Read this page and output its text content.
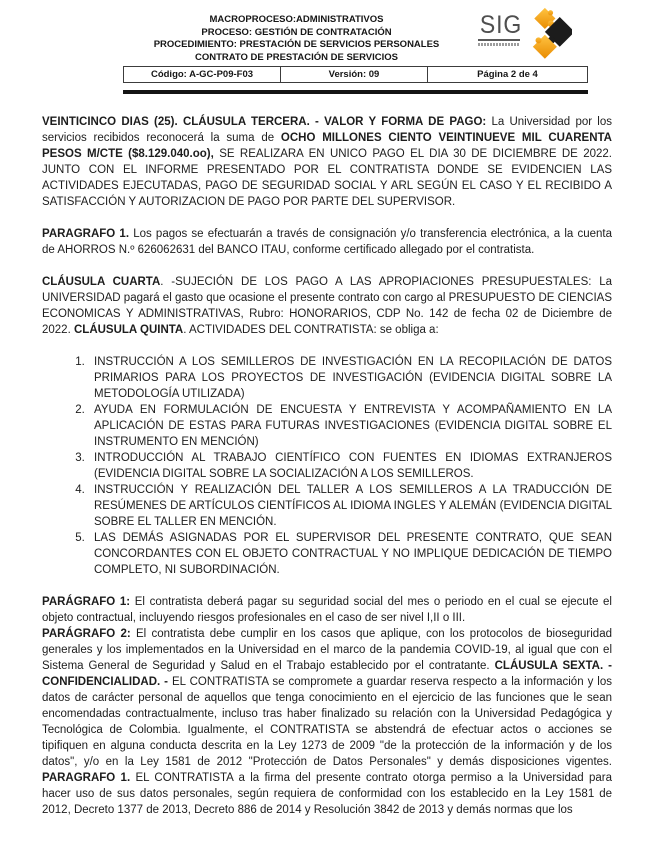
MACROPROCESO:ADMINISTRATIVOS
PROCESO: GESTIÓN DE CONTRATACIÓN
PROCEDIMIENTO: PRESTACIÓN DE SERVICIOS PERSONALES
CONTRATO DE PRESTACIÓN DE SERVICIOS
SIG
Código: A-GC-P09-F03	Versión: 09	Página 2 de 4

VEINTICINCO DIAS (25). CLÁUSULA TERCERA. - VALOR Y FORMA DE PAGO: La Universidad por los servicios recibidos reconocerá la suma de OCHO MILLONES CIENTO VEINTINUEVE MIL CUARENTA PESOS M/CTE ($8.129.040.oo), SE REALIZARA EN UNICO PAGO EL DIA 30 DE DICIEMBRE DE 2022. JUNTO CON EL INFORME PRESENTADO POR EL CONTRATISTA DONDE SE EVIDENCIEN LAS ACTIVIDADES EJECUTADAS, PAGO DE SEGURIDAD SOCIAL Y ARL SEGÚN EL CASO Y EL RECIBIDO A SATISFACCIÓN Y AUTORIZACION DE PAGO POR PARTE DEL SUPERVISOR.

PARAGRAFO 1. Los pagos se efectuarán a través de consignación y/o transferencia electrónica, a la cuenta de AHORROS N.º 626062631 del BANCO ITAU, conforme certificado allegado por el contratista.

CLÁUSULA CUARTA. -SUJECIÓN DE LOS PAGO A LAS APROPIACIONES PRESUPUESTALES: La UNIVERSIDAD pagará el gasto que ocasione el presente contrato con cargo al PRESUPUESTO DE CIENCIAS ECONOMICAS Y ADMINISTRATIVAS, Rubro: HONORARIOS, CDP No. 142 de fecha 02 de Diciembre de 2022. CLÁUSULA QUINTA. ACTIVIDADES DEL CONTRATISTA: se obliga a:

1. INSTRUCCIÓN A LOS SEMILLEROS DE INVESTIGACIÓN EN LA RECOPILACIÓN DE DATOS PRIMARIOS PARA LOS PROYECTOS DE INVESTIGACIÓN (EVIDENCIA DIGITAL SOBRE LA METODOLOGÍA UTILIZADA)
2. AYUDA EN FORMULACIÓN DE ENCUESTA Y ENTREVISTA Y ACOMPAÑAMIENTO EN LA APLICACIÓN DE ESTAS PARA FUTURAS INVESTIGACIONES (EVIDENCIA DIGITAL SOBRE EL INSTRUMENTO EN MENCIÓN)
3. INTRODUCCIÓN AL TRABAJO CIENTÍFICO CON FUENTES EN IDIOMAS EXTRANJEROS (EVIDENCIA DIGITAL SOBRE LA SOCIALIZACIÓN A LOS SEMILLEROS.
4. INSTRUCCIÓN Y REALIZACIÓN DEL TALLER A LOS SEMILLEROS A LA TRADUCCIÓN DE RESÚMENES DE ARTÍCULOS CIENTÍFICOS AL IDIOMA INGLES Y ALEMÁN (EVIDENCIA DIGITAL SOBRE EL TALLER EN MENCIÓN.
5. LAS DEMÁS ASIGNADAS POR EL SUPERVISOR DEL PRESENTE CONTRATO, QUE SEAN CONCORDANTES CON EL OBJETO CONTRACTUAL Y NO IMPLIQUE DEDICACIÓN DE TIEMPO COMPLETO, NI SUBORDINACIÓN.

PARÁGRAFO 1: El contratista deberá pagar su seguridad social del mes o periodo en el cual se ejecute el objeto contractual, incluyendo riesgos profesionales en el caso de ser nivel I,II o III.
PARÁGRAFO 2: El contratista debe cumplir en los casos que aplique, con los protocolos de bioseguridad generales y los implementados en la Universidad en el marco de la pandemia COVID-19, al igual que con el Sistema General de Seguridad y Salud en el Trabajo establecido por el contratante. CLÁUSULA SEXTA. - CONFIDENCIALIDAD. - EL CONTRATISTA se compromete a guardar reserva respecto a la información y los datos de carácter personal de aquellos que tenga conocimiento en el ejercicio de las funciones que le sean encomendadas contractualmente, incluso tras haber finalizado su relación con la Universidad Pedagógica y Tecnológica de Colombia. Igualmente, el CONTRATISTA se abstendrá de efectuar actos o acciones se tipifiquen en alguna conducta descrita en la Ley 1273 de 2009 "de la protección de la información y de los datos", y/o en la Ley 1581 de 2012 "Protección de Datos Personales" y demás disposiciones vigentes. PARAGRAFO 1. EL CONTRATISTA a la firma del presente contrato otorga permiso a la Universidad para hacer uso de sus datos personales, según requiera de conformidad con los establecido en la Ley 1581 de 2012, Decreto 1377 de 2013, Decreto 886 de 2014 y Resolución 3842 de 2013 y demás normas que los
